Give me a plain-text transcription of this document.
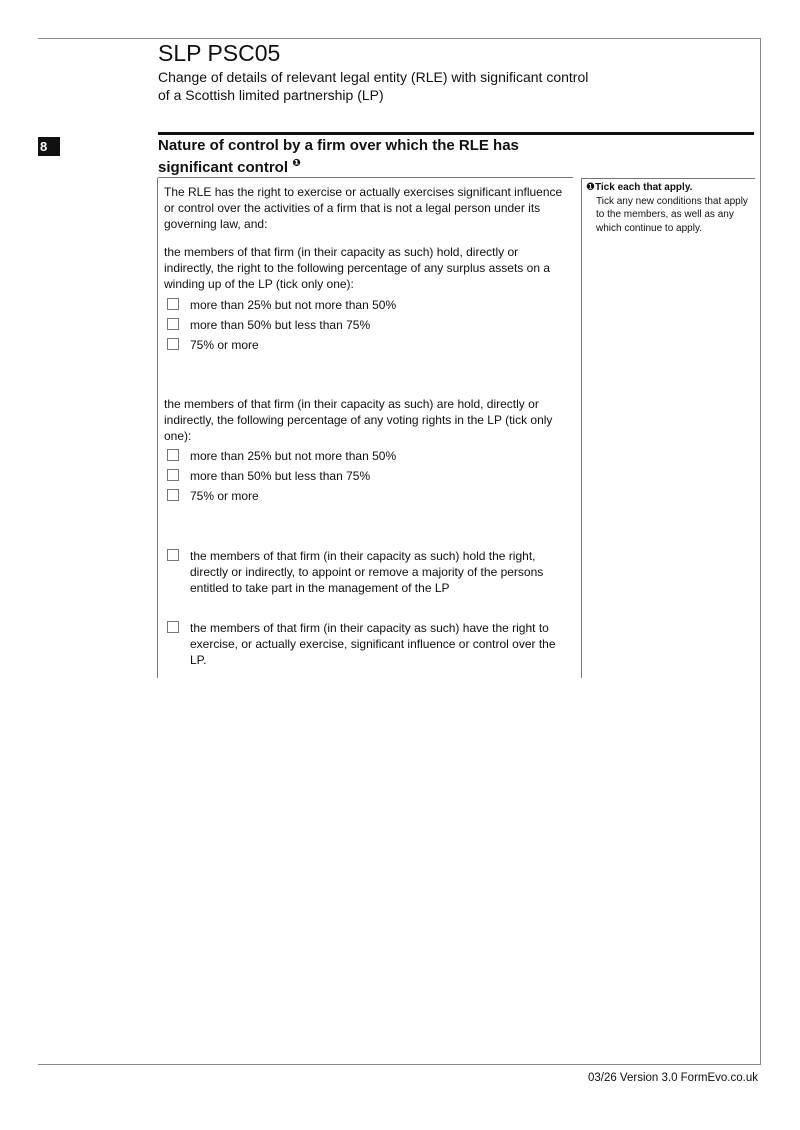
SLP PSC05
Change of details of relevant legal entity (RLE) with significant control
of a Scottish limited partnership (LP)
8	Nature of control by a firm over which the RLE has
significant control $^❶$
The RLE has the right to exercise or actually exercises significant influence or control over the activities of a firm that is not a legal person under its governing law, and:
the members of that firm (in their capacity as such) hold, directly or indirectly, the right to the following percentage of any surplus assets on a winding up of the LP (tick only one):
more than 25% but not more than 50%
more than 50% but less than 75%
75% or more
the members of that firm (in their capacity as such) are hold, directly or indirectly, the following percentage of any voting rights in the LP (tick only one):
more than 25% but not more than 50%
more than 50% but less than 75%
75% or more
the members of that firm (in their capacity as such) hold the right, directly or indirectly, to appoint or remove a majority of the persons entitled to take part in the management of the LP
the members of that firm (in their capacity as such) have the right to exercise, or actually exercise, significant influence or control over the LP.
❶Tick each that apply.
Tick any new conditions that apply to the members, as well as any which continue to apply.
03/26 Version 3.0 FormEvo.co.uk
